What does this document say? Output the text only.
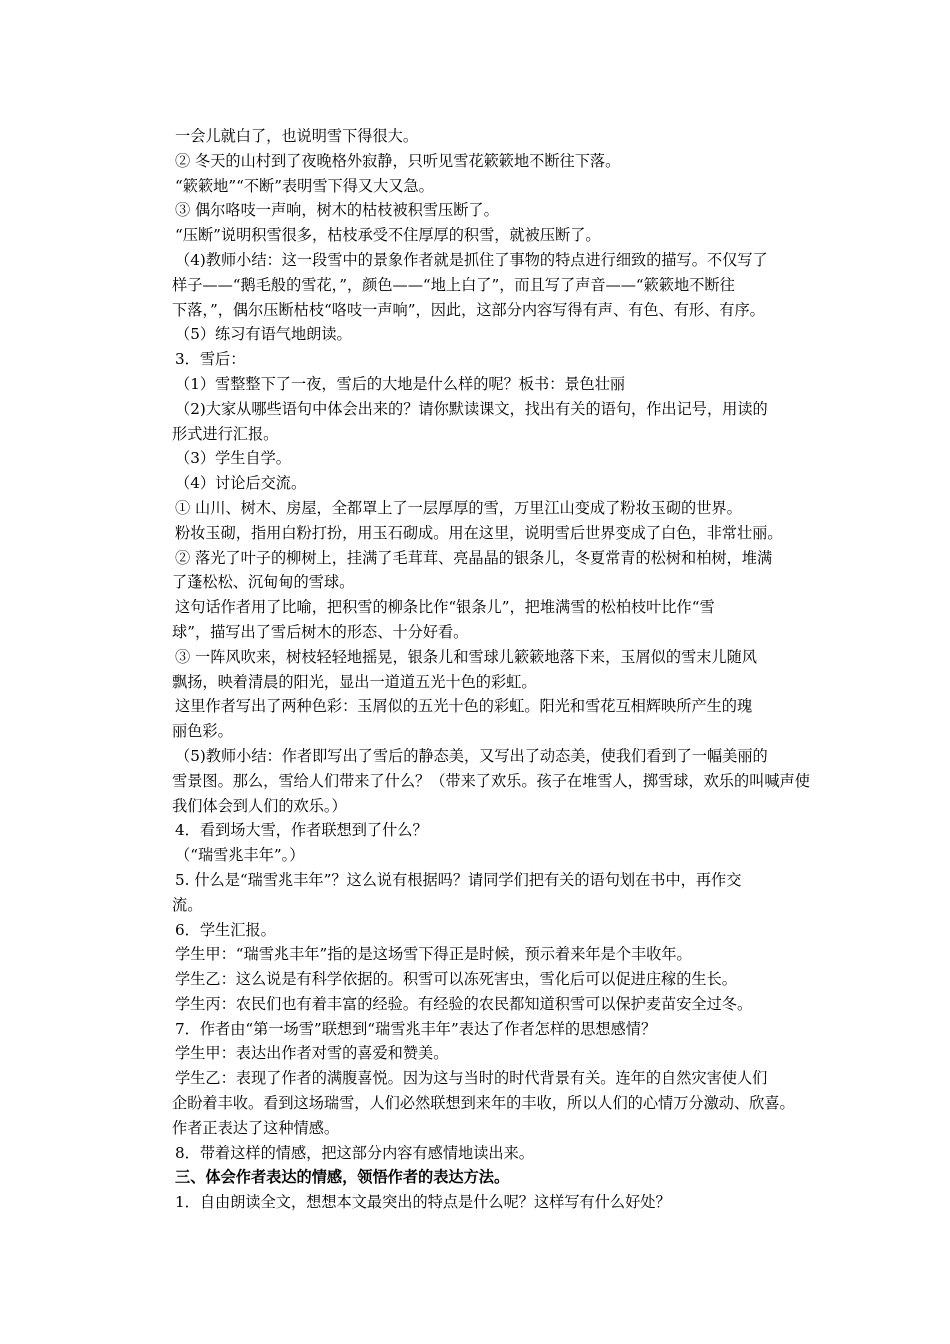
一会儿就白了，也说明雪下得很大。
② 冬天的山村到了夜晚格外寂静，只听见雪花簌簌地不断往下落。
“簌簌地”“不断”表明雪下得又大又急。
③ 偶尔咯吱一声响，树木的枯枝被积雪压断了。
“压断”说明积雪很多，枯枝承受不住厚厚的积雪，就被压断了。
（4)教师小结：这一段雪中的景象作者就是抓住了事物的特点进行细致的描写。不仅写了
样子——“鹅毛般的雪花，”，颜色——“地上白了”，而且写了声音——“簌簌地不断往
下落，”，偶尔压断枯枝“咯吱一声响”，因此，这部分内容写得有声、有色、有形、有序。
（5）练习有语气地朗读。
3．雪后：
（1）雪整整下了一夜，雪后的大地是什么样的呢？板书：景色壮丽
（2)大家从哪些语句中体会出来的？请你默读课文，找出有关的语句，作出记号，用读的
形式进行汇报。
（3）学生自学。
（4）讨论后交流。
① 山川、树木、房屋，全都罩上了一层厚厚的雪，万里江山变成了粉妆玉砌的世界。
粉妆玉砌，指用白粉打扮，用玉石砌成。用在这里，说明雪后世界变成了白色，非常壮丽。
② 落光了叶子的柳树上，挂满了毛茸茸、亮晶晶的银条儿，冬夏常青的松树和柏树，堆满
了蓬松松、沉甸甸的雪球。
这句话作者用了比喻，把积雪的柳条比作“银条儿”，把堆满雪的松柏枝叶比作“雪
球”，描写出了雪后树木的形态、十分好看。
③ 一阵风吹来，树枝轻轻地摇晃，银条儿和雪球儿簌簌地落下来，玉屑似的雪末儿随风
飘扬，映着清晨的阳光，显出一道道五光十色的彩虹。
这里作者写出了两种色彩：玉屑似的五光十色的彩虹。阳光和雪花互相辉映所产生的瑰
丽色彩。
（5)教师小结：作者即写出了雪后的静态美，又写出了动态美，使我们看到了一幅美丽的
雪景图。那么，雪给人们带来了什么？（带来了欢乐。孩子在堆雪人，掷雪球，欢乐的叫喊声使
我们体会到人们的欢乐。）
4．看到场大雪，作者联想到了什么？
（“瑞雪兆丰年”。）
5. 什么是“瑞雪兆丰年”？这么说有根据吗？请同学们把有关的语句划在书中，再作交
流。
6．学生汇报。
学生甲：“瑞雪兆丰年”指的是这场雪下得正是时候，预示着来年是个丰收年。
学生乙：这么说是有科学依据的。积雪可以冻死害虫，雪化后可以促进庄稼的生长。
学生丙：农民们也有着丰富的经验。有经验的农民都知道积雪可以保护麦苗安全过冬。
7．作者由“第一场雪”联想到“瑞雪兆丰年”表达了作者怎样的思想感情？
学生甲：表达出作者对雪的喜爱和赞美。
学生乙：表现了作者的满腹喜悦。因为这与当时的时代背景有关。连年的自然灾害使人们
企盼着丰收。看到这场瑞雪，人们必然联想到来年的丰收，所以人们的心情万分激动、欣喜。
作者正表达了这种情感。
8．带着这样的情感，把这部分内容有感情地读出来。
三、体会作者表达的情感，领悟作者的表达方法。
1．自由朗读全文，想想本文最突出的特点是什么呢？这样写有什么好处？
